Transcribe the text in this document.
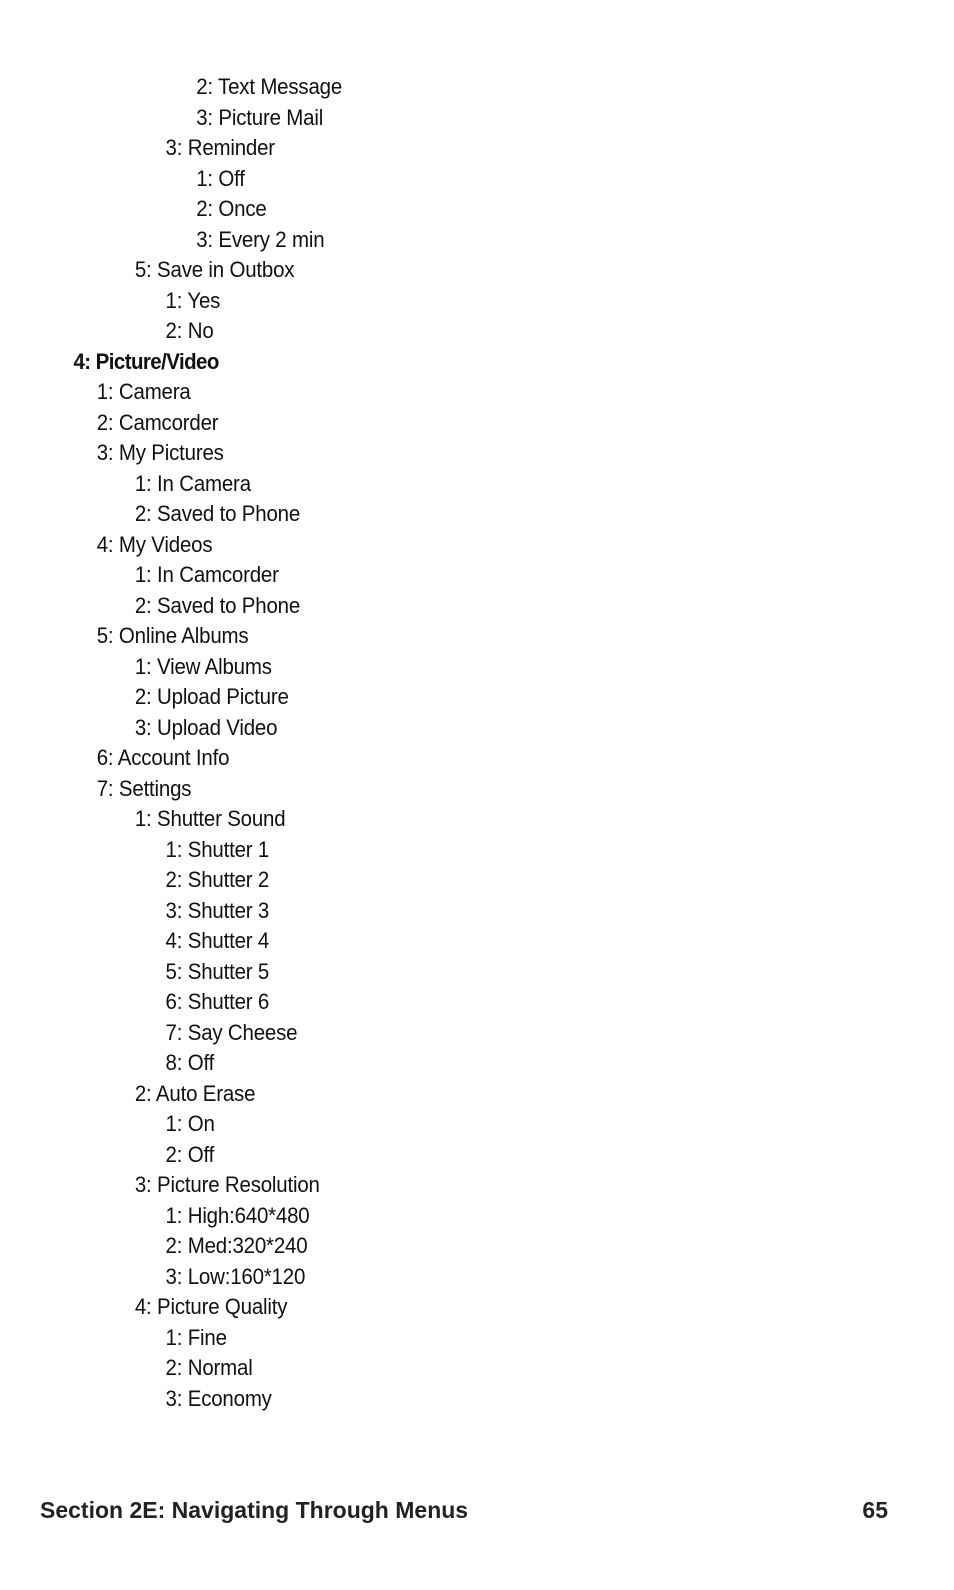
2: Text Message
3: Picture Mail
3: Reminder
1: Off
2: Once
3: Every 2 min
5: Save in Outbox
1: Yes
2: No
4: Picture/Video
1: Camera
2: Camcorder
3: My Pictures
1: In Camera
2: Saved to Phone
4: My Videos
1: In Camcorder
2: Saved to Phone
5: Online Albums
1: View Albums
2: Upload Picture
3: Upload Video
6: Account Info
7: Settings
1: Shutter Sound
1: Shutter 1
2: Shutter 2
3: Shutter 3
4: Shutter 4
5: Shutter 5
6: Shutter 6
7: Say Cheese
8: Off
2: Auto Erase
1: On
2: Off
3: Picture Resolution
1: High:640*480
2: Med:320*240
3: Low:160*120
4: Picture Quality
1: Fine
2: Normal
3: Economy
Section 2E: Navigating Through Menus	65
